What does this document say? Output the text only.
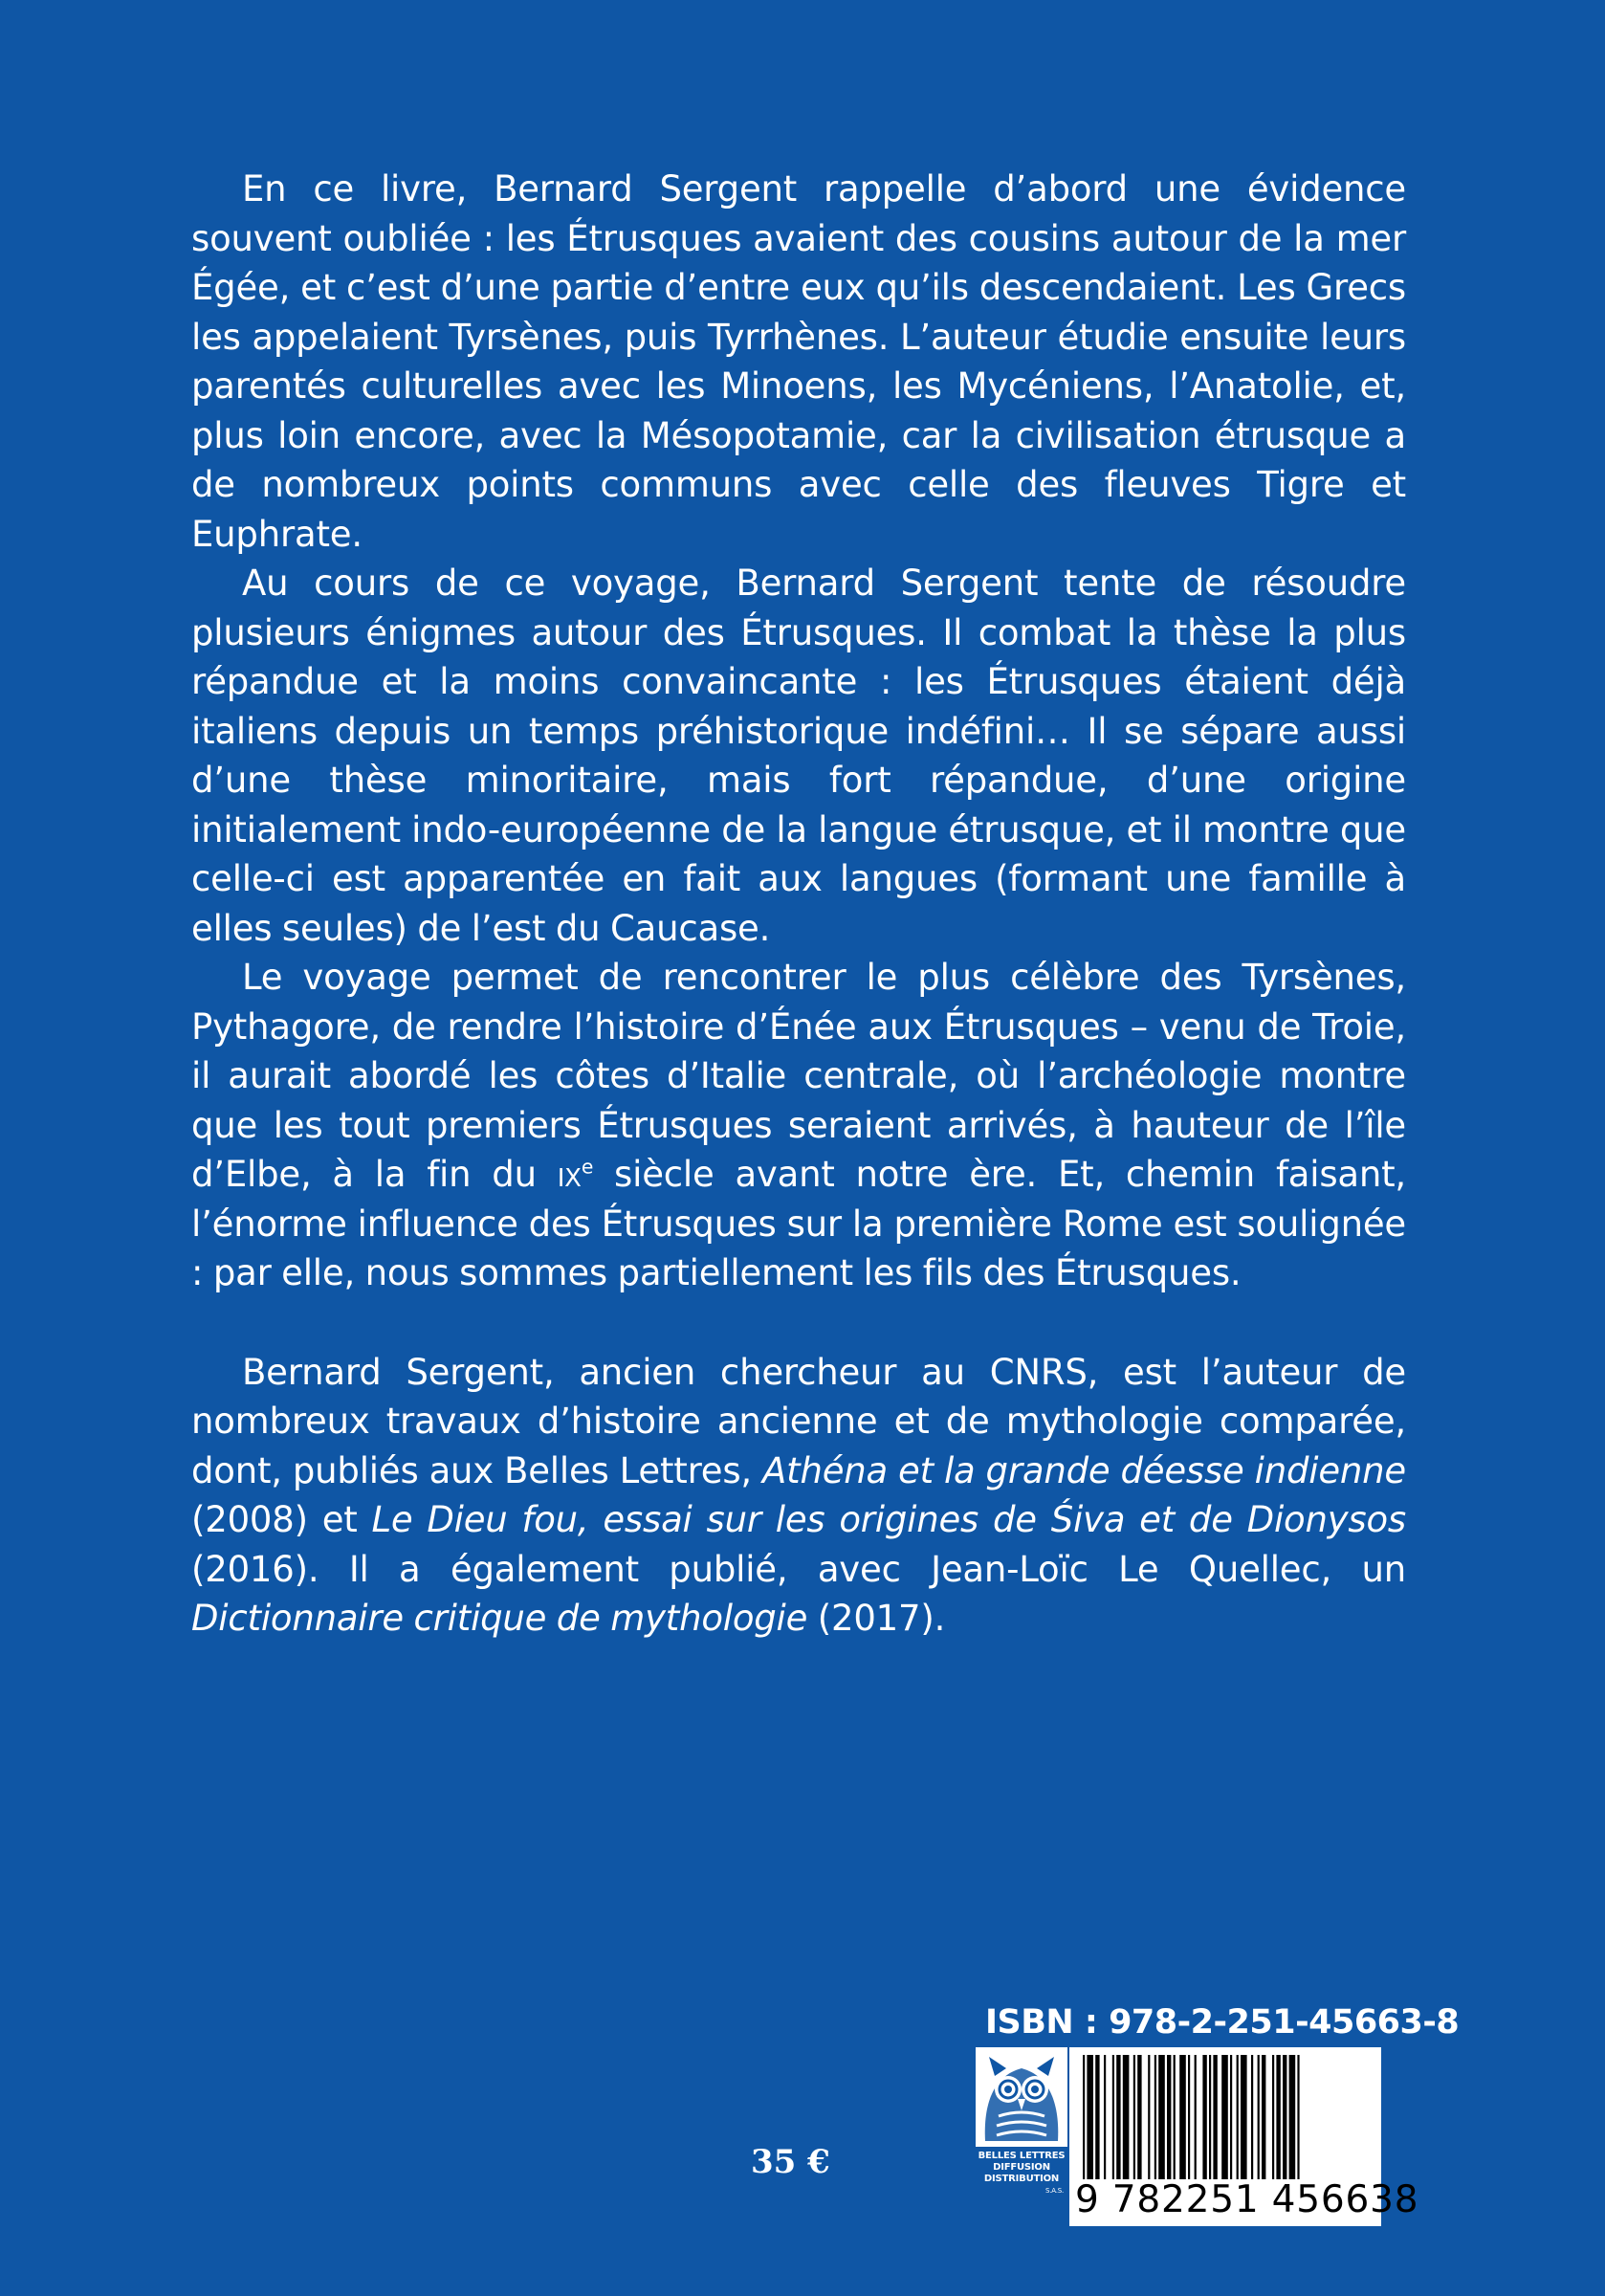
En ce livre, Bernard Sergent rappelle d’abord une évidence souvent oubliée : les Étrusques avaient des cousins autour de la mer Égée, et c’est d’une partie d’entre eux qu’ils descendaient. Les Grecs les appelaient Tyrsènes, puis Tyrrhènes. L’auteur étudie ensuite leurs parentés culturelles avec les Minoens, les Mycéniens, l’Anatolie, et, plus loin encore, avec la Mésopotamie, car la civilisation étrusque a de nombreux points communs avec celle des fleuves Tigre et Euphrate.

Au cours de ce voyage, Bernard Sergent tente de résoudre plusieurs énigmes autour des Étrusques. Il combat la thèse la plus répandue et la moins convaincante : les Étrusques étaient déjà italiens depuis un temps préhistorique indéfini… Il se sépare aussi d’une thèse minoritaire, mais fort répandue, d’une origine initialement indo-européenne de la langue étrusque, et il montre que celle-ci est apparentée en fait aux langues (formant une famille à elles seules) de l’est du Caucase.

Le voyage permet de rencontrer le plus célèbre des Tyrsènes, Pythagore, de rendre l’histoire d’Énée aux Étrusques – venu de Troie, il aurait abordé les côtes d’Italie centrale, où l’archéologie montre que les tout premiers Étrusques seraient arrivés, à hauteur de l’île d’Elbe, à la fin du $ix^e$ siècle avant notre ère. Et, chemin faisant, l’énorme influence des Étrusques sur la première Rome est soulignée : par elle, nous sommes partiellement les fils des Étrusques.

Bernard Sergent, ancien chercheur au CNRS, est l’auteur de nombreux travaux d’histoire ancienne et de mythologie comparée, dont, publiés aux Belles Lettres, Athéna et la grande déesse indienne (2008) et Le Dieu fou, essai sur les origines de Śiva et de Dionysos (2016). Il a également publié, avec Jean-Loïc Le Quellec, un Dictionnaire critique de mythologie (2017).

ISBN : 978-2-251-45663-8
BELLES LETTRES
DIFFUSION
DISTRIBUTION
S.A.S. 9 782251 456638
35 €
